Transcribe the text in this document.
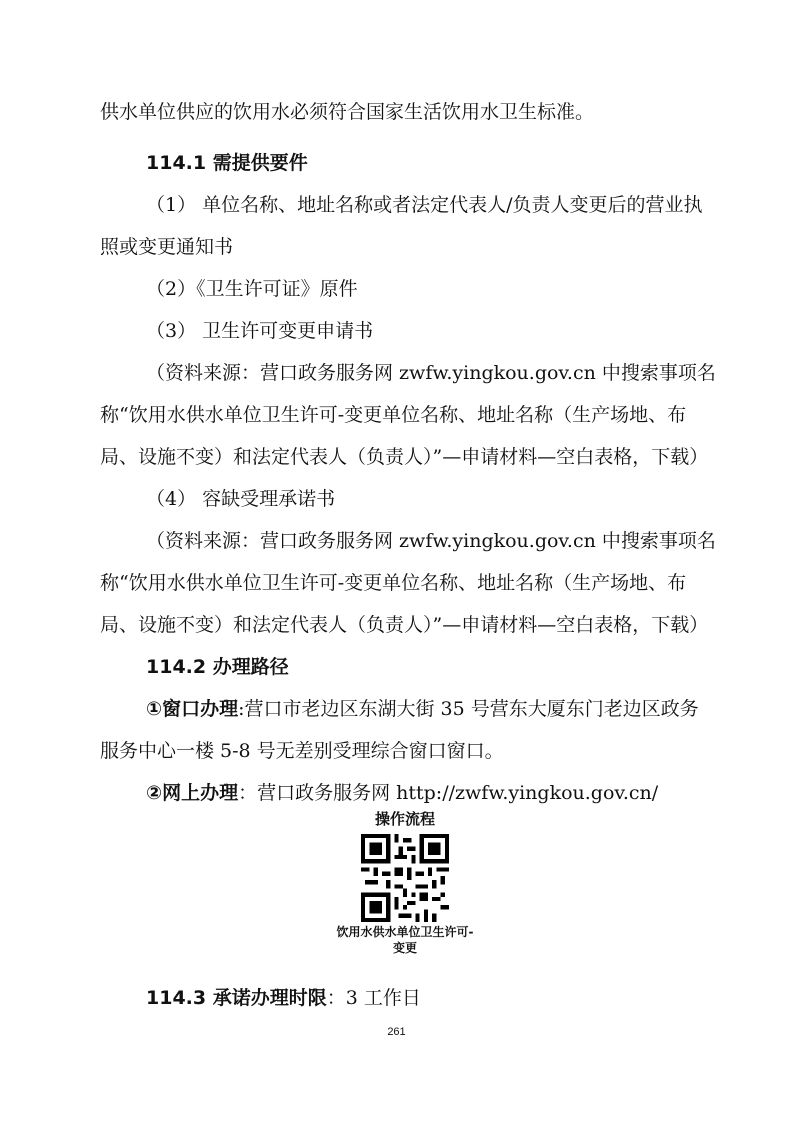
供水单位供应的饮用水必须符合国家生活饮用水卫生标准。
114.1 需提供要件
（1） 单位名称、地址名称或者法定代表人/负责人变更后的营业执
照或变更通知书
（2）《卫生许可证》原件
（3） 卫生许可变更申请书
（资料来源：营口政务服务网 zwfw.yingkou.gov.cn 中搜索事项名
称“饮用水供水单位卫生许可-变更单位名称、地址名称（生产场地、布
局、设施不变）和法定代表人（负责人）”—申请材料—空白表格，下载）
（4） 容缺受理承诺书
（资料来源：营口政务服务网 zwfw.yingkou.gov.cn 中搜索事项名
称“饮用水供水单位卫生许可-变更单位名称、地址名称（生产场地、布
局、设施不变）和法定代表人（负责人）”—申请材料—空白表格，下载）
114.2 办理路径
①窗口办理:营口市老边区东湖大街 35 号营东大厦东门老边区政务
服务中心一楼 5-8 号无差别受理综合窗口窗口。
②网上办理：营口政务服务网 http://zwfw.yingkou.gov.cn/
操作流程
饮用水供水单位卫生许可-
变更
114.3 承诺办理时限：3 工作日
261
